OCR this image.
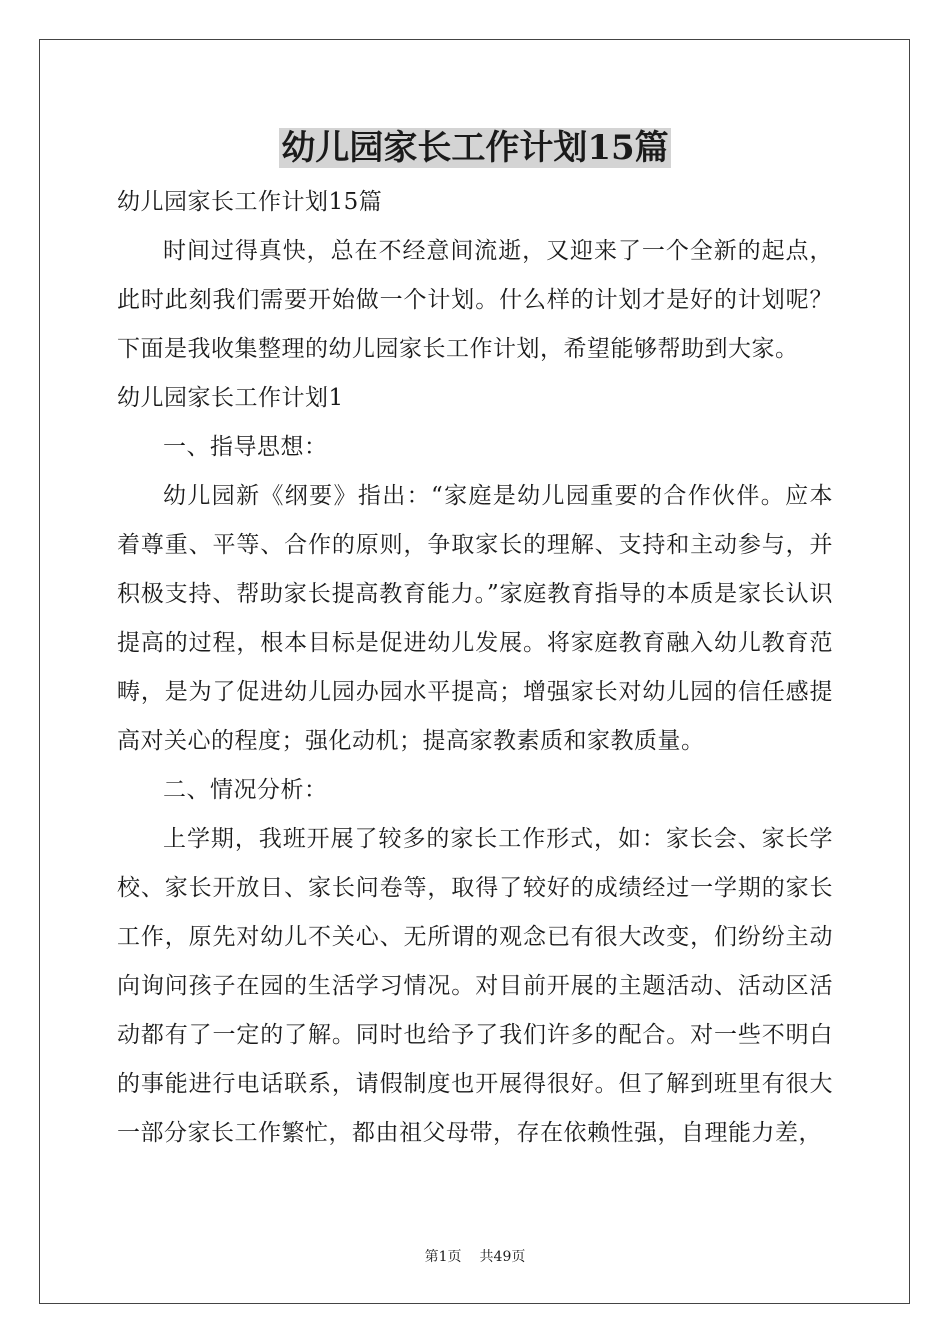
幼儿园家长工作计划15篇

幼儿园家长工作计划15篇

时间过得真快，总在不经意间流逝，又迎来了一个全新的起点，此时此刻我们需要开始做一个计划。什么样的计划才是好的计划呢？下面是我收集整理的幼儿园家长工作计划，希望能够帮助到大家。

幼儿园家长工作计划1

一、指导思想：

幼儿园新《纲要》指出：“家庭是幼儿园重要的合作伙伴。应本着尊重、平等、合作的原则，争取家长的理解、支持和主动参与，并积极支持、帮助家长提高教育能力。”家庭教育指导的本质是家长认识提高的过程，根本目标是促进幼儿发展。将家庭教育融入幼儿教育范畴，是为了促进幼儿园办园水平提高；增强家长对幼儿园的信任感提高对关心的程度；强化动机；提高家教素质和家教质量。

二、情况分析：

上学期，我班开展了较多的家长工作形式，如：家长会、家长学校、家长开放日、家长问卷等，取得了较好的成绩经过一学期的家长工作，原先对幼儿不关心、无所谓的观念已有很大改变，们纷纷主动向询问孩子在园的生活学习情况。对目前开展的主题活动、活动区活动都有了一定的了解。同时也给予了我们许多的配合。对一些不明白的事能进行电话联系，请假制度也开展得很好。但了解到班里有很大一部分家长工作繁忙，都由祖父母带，存在依赖性强，自理能力差，

第1页 共49页
